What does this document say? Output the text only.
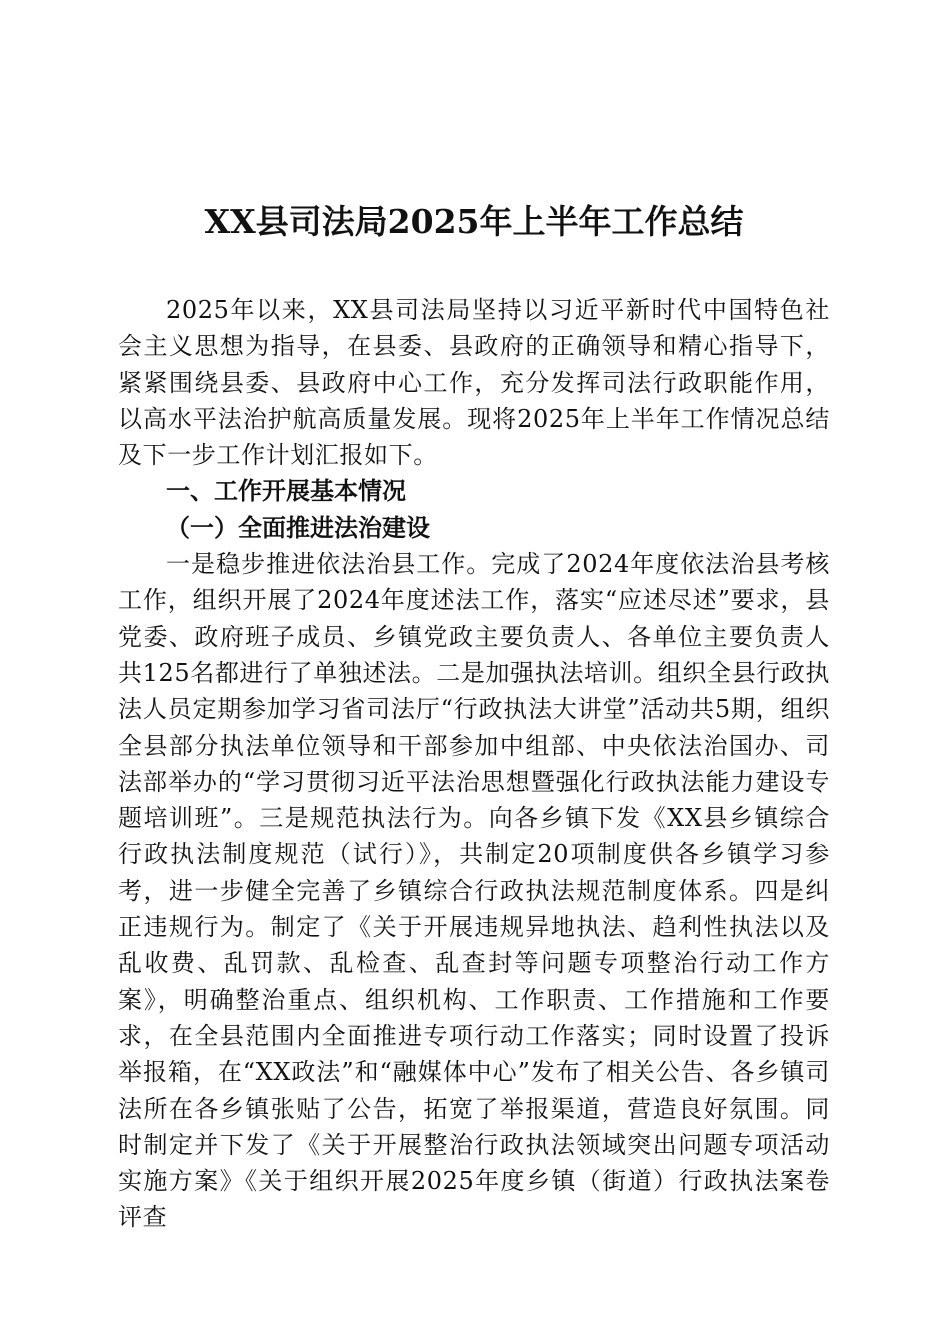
XX县司法局2025年上半年工作总结

2025年以来，XX县司法局坚持以习近平新时代中国特色社会主义思想为指导，在县委、县政府的正确领导和精心指导下，紧紧围绕县委、县政府中心工作，充分发挥司法行政职能作用，以高水平法治护航高质量发展。现将2025年上半年工作情况总结及下一步工作计划汇报如下。

一、工作开展基本情况

（一）全面推进法治建设

一是稳步推进依法治县工作。完成了2024年度依法治县考核工作，组织开展了2024年度述法工作，落实“应述尽述”要求，县党委、政府班子成员、乡镇党政主要负责人、各单位主要负责人共125名都进行了单独述法。二是加强执法培训。组织全县行政执法人员定期参加学习省司法厅“行政执法大讲堂”活动共5期，组织全县部分执法单位领导和干部参加中组部、中央依法治国办、司法部举办的“学习贯彻习近平法治思想暨强化行政执法能力建设专题培训班”。三是规范执法行为。向各乡镇下发《XX县乡镇综合行政执法制度规范（试行）》，共制定20项制度供各乡镇学习参考，进一步健全完善了乡镇综合行政执法规范制度体系。四是纠正违规行为。制定了《关于开展违规异地执法、趋利性执法以及乱收费、乱罚款、乱检查、乱查封等问题专项整治行动工作方案》，明确整治重点、组织机构、工作职责、工作措施和工作要求，在全县范围内全面推进专项行动工作落实；同时设置了投诉举报箱，在“XX政法”和“融媒体中心”发布了相关公告、各乡镇司法所在各乡镇张贴了公告，拓宽了举报渠道，营造良好氛围。同时制定并下发了《关于开展整治行政执法领域突出问题专项活动实施方案》《关于组织开展2025年度乡镇（街道）行政执法案卷评查
